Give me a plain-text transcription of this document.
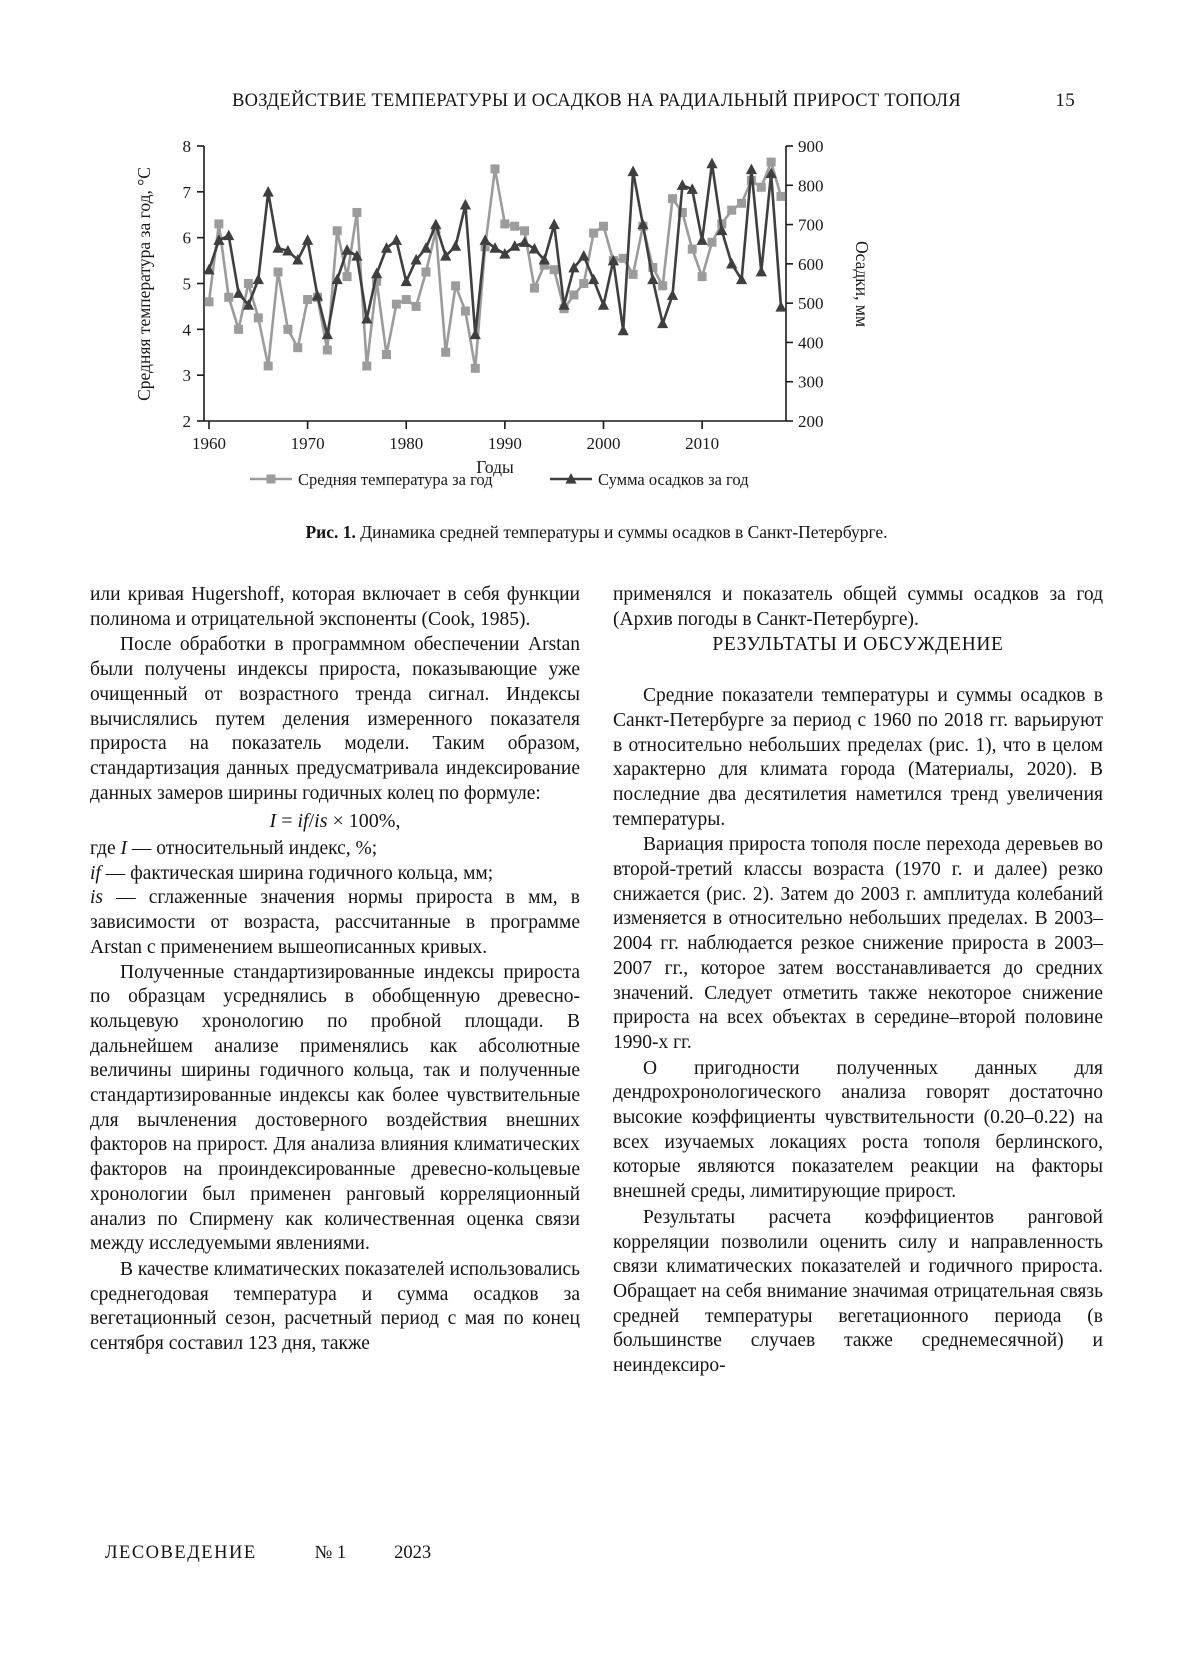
ВОЗДЕЙСТВИЕ ТЕМПЕРАТУРЫ И ОСАДКОВ НА РАДИАЛЬНЫЙ ПРИРОСТ ТОПОЛЯ	15
2
3
4
5
6
7
8
200
300
400
500
600
700
800
900
1960	1970	1980	1990	2000	2010
Годы
Средняя температура за год, °C	Осадки, мм
Средняя температура за год	Сумма осадков за год
Рис. 1. Динамика средней температуры и суммы осадков в Санкт-Петербурге.

или кривая Hugershoff, которая включает в себя функции полинома и отрицательной экспоненты (Cook, 1985).

После обработки в программном обеспечении Arstan были получены индексы прироста, показывающие уже очищенный от возрастного тренда сигнал. Индексы вычислялись путем деления измеренного показателя прироста на показатель модели. Таким образом, стандартизация данных предусматривала индексирование данных замеров ширины годичных колец по формуле:

I = if/is × 100%,

где I — относительный индекс, %;

if — фактическая ширина годичного кольца, мм;

is — сглаженные значения нормы прироста в мм, в зависимости от возраста, рассчитанные в программе Arstan с применением вышеописанных кривых.

Полученные стандартизированные индексы прироста по образцам усреднялись в обобщенную древесно-кольцевую хронологию по пробной площади. В дальнейшем анализе применялись как абсолютные величины ширины годичного кольца, так и полученные стандартизированные индексы как более чувствительные для вычленения достоверного воздействия внешних факторов на прирост. Для анализа влияния климатических факторов на проиндексированные древесно-кольцевые хронологии был применен ранговый корреляционный анализ по Спирмену как количественная оценка связи между исследуемыми явлениями.

В качестве климатических показателей использовались среднегодовая температура и сумма осадков за вегетационный сезон, расчетный период с мая по конец сентября составил 123 дня, также

применялся и показатель общей суммы осадков за год (Архив погоды в Санкт-Петербурге).

РЕЗУЛЬТАТЫ И ОБСУЖДЕНИЕ

Средние показатели температуры и суммы осадков в Санкт-Петербурге за период с 1960 по 2018 гг. варьируют в относительно небольших пределах (рис. 1), что в целом характерно для климата города (Материалы, 2020). В последние два десятилетия наметился тренд увеличения температуры.

Вариация прироста тополя после перехода деревьев во второй-третий классы возраста (1970 г. и далее) резко снижается (рис. 2). Затем до 2003 г. амплитуда колебаний изменяется в относительно небольших пределах. В 2003–2004 гг. наблюдается резкое снижение прироста в 2003–2007 гг., которое затем восстанавливается до средних значений. Следует отметить также некоторое снижение прироста на всех объектах в середине–второй половине 1990-х гг.

О пригодности полученных данных для дендрохронологического анализа говорят достаточно высокие коэффициенты чувствительности (0.20–0.22) на всех изучаемых локациях роста тополя берлинского, которые являются показателем реакции на факторы внешней среды, лимитирующие прирост.

Результаты расчета коэффициентов ранговой корреляции позволили оценить силу и направленность связи климатических показателей и годичного прироста. Обращает на себя внимание значимая отрицательная связь средней температуры вегетационного периода (в большинстве случаев также среднемесячной) и неиндексиро-

ЛЕСОВЕДЕНИЕ	№ 1	2023
